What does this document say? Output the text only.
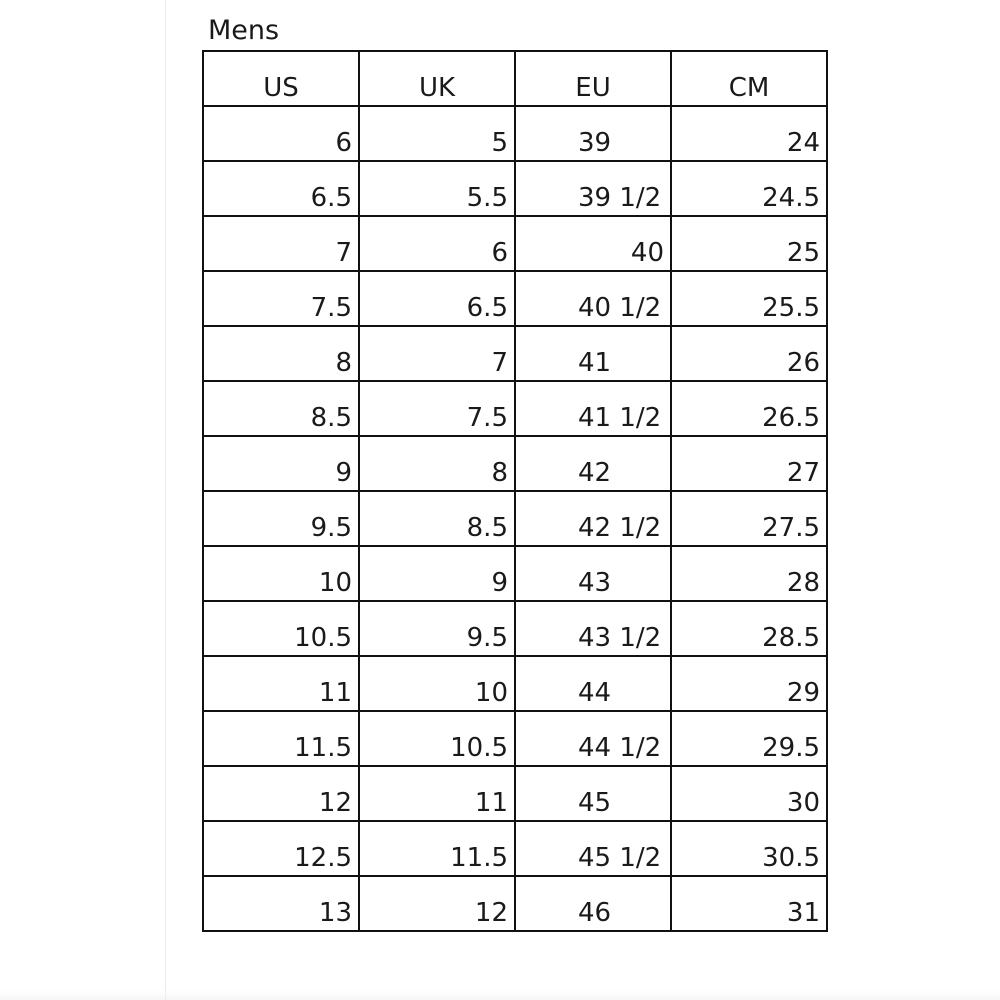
Mens
US	UK	EU	CM
6	5	39	24
6.5	5.5	39 1/2	24.5
7	6	40	25
7.5	6.5	40 1/2	25.5
8	7	41	26
8.5	7.5	41 1/2	26.5
9	8	42	27
9.5	8.5	42 1/2	27.5
10	9	43	28
10.5	9.5	43 1/2	28.5
11	10	44	29
11.5	10.5	44 1/2	29.5
12	11	45	30
12.5	11.5	45 1/2	30.5
13	12	46	31
